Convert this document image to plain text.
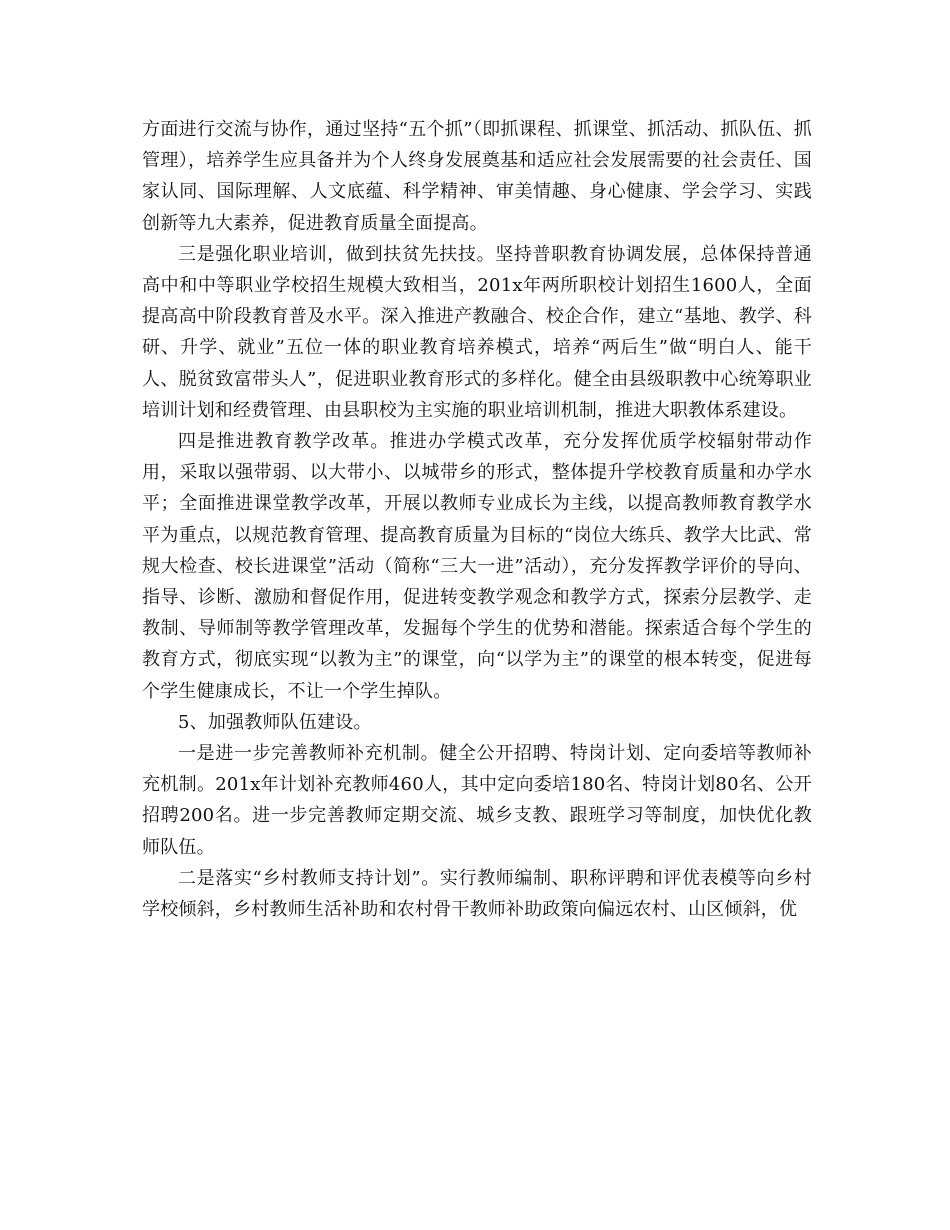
方面进行交流与协作，通过坚持“五个抓”（即抓课程、抓课堂、抓活动、抓队伍、抓管理），培养学生应具备并为个人终身发展奠基和适应社会发展需要的社会责任、国家认同、国际理解、人文底蕴、科学精神、审美情趣、身心健康、学会学习、实践创新等九大素养，促进教育质量全面提高。

三是强化职业培训，做到扶贫先扶技。坚持普职教育协调发展，总体保持普通高中和中等职业学校招生规模大致相当，201x年两所职校计划招生1600人，全面提高高中阶段教育普及水平。深入推进产教融合、校企合作，建立“基地、教学、科研、升学、就业”五位一体的职业教育培养模式，培养“两后生”做“明白人、能干人、脱贫致富带头人”，促进职业教育形式的多样化。健全由县级职教中心统筹职业培训计划和经费管理、由县职校为主实施的职业培训机制，推进大职教体系建设。

四是推进教育教学改革。推进办学模式改革，充分发挥优质学校辐射带动作用，采取以强带弱、以大带小、以城带乡的形式，整体提升学校教育质量和办学水平；全面推进课堂教学改革，开展以教师专业成长为主线，以提高教师教育教学水平为重点，以规范教育管理、提高教育质量为目标的“岗位大练兵、教学大比武、常规大检查、校长进课堂”活动（简称“三大一进”活动），充分发挥教学评价的导向、指导、诊断、激励和督促作用，促进转变教学观念和教学方式，探索分层教学、走教制、导师制等教学管理改革，发掘每个学生的优势和潜能。探索适合每个学生的教育方式，彻底实现“以教为主”的课堂，向“以学为主”的课堂的根本转变，促进每个学生健康成长，不让一个学生掉队。

5、加强教师队伍建设。

一是进一步完善教师补充机制。健全公开招聘、特岗计划、定向委培等教师补充机制。201x年计划补充教师460人，其中定向委培180名、特岗计划80名、公开招聘200名。进一步完善教师定期交流、城乡支教、跟班学习等制度，加快优化教师队伍。

二是落实“乡村教师支持计划”。实行教师编制、职称评聘和评优表模等向乡村学校倾斜，乡村教师生活补助和农村骨干教师补助政策向偏远农村、山区倾斜，优
